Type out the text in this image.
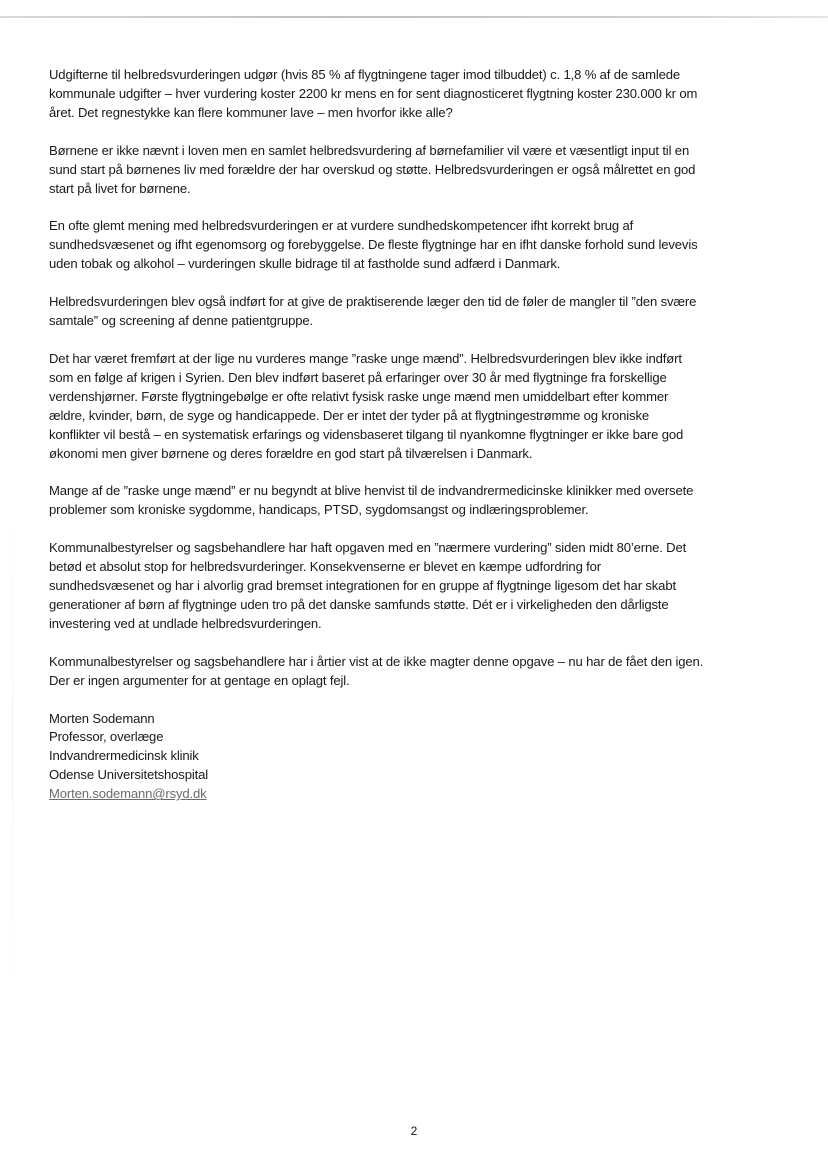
Udgifterne til helbredsvurderingen udgør (hvis 85 % af flygtningene tager imod tilbuddet) c. 1,8 % af de samlede
kommunale udgifter – hver vurdering koster 2200 kr mens en for sent diagnosticeret flygtning koster 230.000 kr om
året. Det regnestykke kan flere kommuner lave – men hvorfor ikke alle?

Børnene er ikke nævnt i loven men en samlet helbredsvurdering af børnefamilier vil være et væsentligt input til en
sund start på børnenes liv med forældre der har overskud og støtte. Helbredsvurderingen er også målrettet en god
start på livet for børnene.

En ofte glemt mening med helbredsvurderingen er at vurdere sundhedskompetencer ifht korrekt brug af
sundhedsvæsenet og ifht egenomsorg og forebyggelse. De fleste flygtninge har en ifht danske forhold sund levevis
uden tobak og alkohol – vurderingen skulle bidrage til at fastholde sund adfærd i Danmark.

Helbredsvurderingen blev også indført for at give de praktiserende læger den tid de føler de mangler til ”den svære
samtale” og screening af denne patientgruppe.

Det har været fremført at der lige nu vurderes mange ”raske unge mænd”. Helbredsvurderingen blev ikke indført
som en følge af krigen i Syrien. Den blev indført baseret på erfaringer over 30 år med flygtninge fra forskellige
verdenshjørner. Første flygtningebølge er ofte relativt fysisk raske unge mænd men umiddelbart efter kommer
ældre, kvinder, børn, de syge og handicappede. Der er intet der tyder på at flygtningestrømme og kroniske
konflikter vil bestå – en systematisk erfarings og vidensbaseret tilgang til nyankomne flygtninger er ikke bare god
økonomi men giver børnene og deres forældre en god start på tilværelsen i Danmark.

Mange af de ”raske unge mænd” er nu begyndt at blive henvist til de indvandrermedicinske klinikker med oversete
problemer som kroniske sygdomme, handicaps, PTSD, sygdomsangst og indlæringsproblemer.

Kommunalbestyrelser og sagsbehandlere har haft opgaven med en ”nærmere vurdering” siden midt 80’erne. Det
betød et absolut stop for helbredsvurderinger. Konsekvenserne er blevet en kæmpe udfordring for
sundhedsvæsenet og har i alvorlig grad bremset integrationen for en gruppe af flygtninge ligesom det har skabt
generationer af børn af flygtninge uden tro på det danske samfunds støtte. Dét er i virkeligheden den dårligste
investering ved at undlade helbredsvurderingen.

Kommunalbestyrelser og sagsbehandlere har i årtier vist at de ikke magter denne opgave – nu har de fået den igen.
Der er ingen argumenter for at gentage en oplagt fejl.

Morten Sodemann
Professor, overlæge
Indvandrermedicinsk klinik
Odense Universitetshospital
Morten.sodemann@rsyd.dk
2
